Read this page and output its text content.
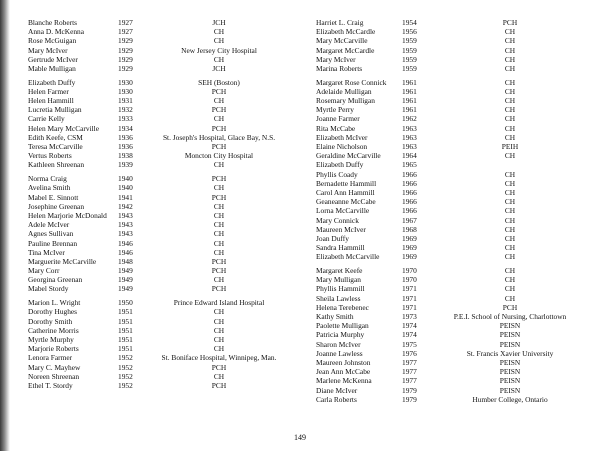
Blanche Roberts	1927	JCH
Anna D. McKenna	1927	CH
Rose McGuigan	1929	CH
Mary McIver	1929	New Jersey City Hospital
Gertrude McIver	1929	CH
Mable Mulligan	1929	JCH
Elizabeth Duffy	1930	SEH (Boston)
Helen Farmer	1930	PCH
Helen Hammill	1931	CH
Lucretia Mulligan	1932	PCH
Carrie Kelly	1933	CH
Helen Mary McCarville	1934	PCH
Edith Keefe, CSM	1936	St. Joseph's Hospital, Glace Bay, N.S.
Teresa McCarville	1936	PCH
Vertus Roberts	1938	Moncton City Hospital
Kathleen Shreenan	1939	CH
Norma Craig	1940	PCH
Avelina Smith	1940	CH
Mabel E. Sinnott	1941	PCH
Josephine Greenan	1942	CH
Helen Marjorie McDonald	1943	CH
Adele McIver	1943	CH
Agnes Sullivan	1943	CH
Pauline Brennan	1946	CH
Tina McIver	1946	CH
Marguerite McCarville	1948	PCH
Mary Corr	1949	PCH
Georgina Greenan	1949	CH
Mabel Stordy	1949	PCH
Marion L. Wright	1950	Prince Edward Island Hospital
Dorothy Hughes	1951	CH
Dorothy Smith	1951	CH
Catherine Morris	1951	CH
Myrtle Murphy	1951	CH
Marjorie Roberts	1951	CH
Lenora Farmer	1952	St. Boniface Hospital, Winnipeg, Man.
Mary C. Mayhew	1952	PCH
Noreen Shreenan	1952	CH
Ethel T. Stordy	1952	PCH
Harriet L. Craig	1954	PCH
Elizabeth McCardle	1956	CH
Mary McCarville	1959	CH
Margaret McCardle	1959	CH
Mary McIver	1959	CH
Marina Roberts	1959	CH
Margaret Rose Connick	1961	CH
Adelaide Mulligan	1961	CH
Rosemary Mulligan	1961	CH
Myrtle Perry	1961	CH
Joanne Farmer	1962	CH
Rita McCabe	1963	CH
Elizabeth McIver	1963	CH
Elaine Nicholson	1963	PEIH
Geraldine McCarville	1964	CH
Elizabeth Duffy	1965
Phyllis Coady	1966	CH
Bernadette Hammill	1966	CH
Carol Ann Hammill	1966	CH
Geaneanne McCabe	1966	CH
Lorna McCarville	1966	CH
Mary Connick	1967	CH
Maureen McIver	1968	CH
Joan Duffy	1969	CH
Sandra Hammill	1969	CH
Elizabeth McCarville	1969	CH
Margaret Keefe	1970	CH
Mary Mulligan	1970	CH
Phyllis Hammill	1971	CH
Sheila Lawless	1971	CH
Helena Terebenec	1971	PCH
Kathy Smith	1973	P.E.I. School of Nursing, Charlottown
Paolette Mulligan	1974	PEISN
Patricia Murphy	1974	PEISN
Sharon McIver	1975	PEISN
Joanne Lawless	1976	St. Francis Xavier University
Maureen Johnston	1977	PEISN
Jean Ann McCabe	1977	PEISN
Marlene McKenna	1977	PEISN
Diane McIver	1979	PEISN
Carla Roberts	1979	Humber College, Ontario
149
